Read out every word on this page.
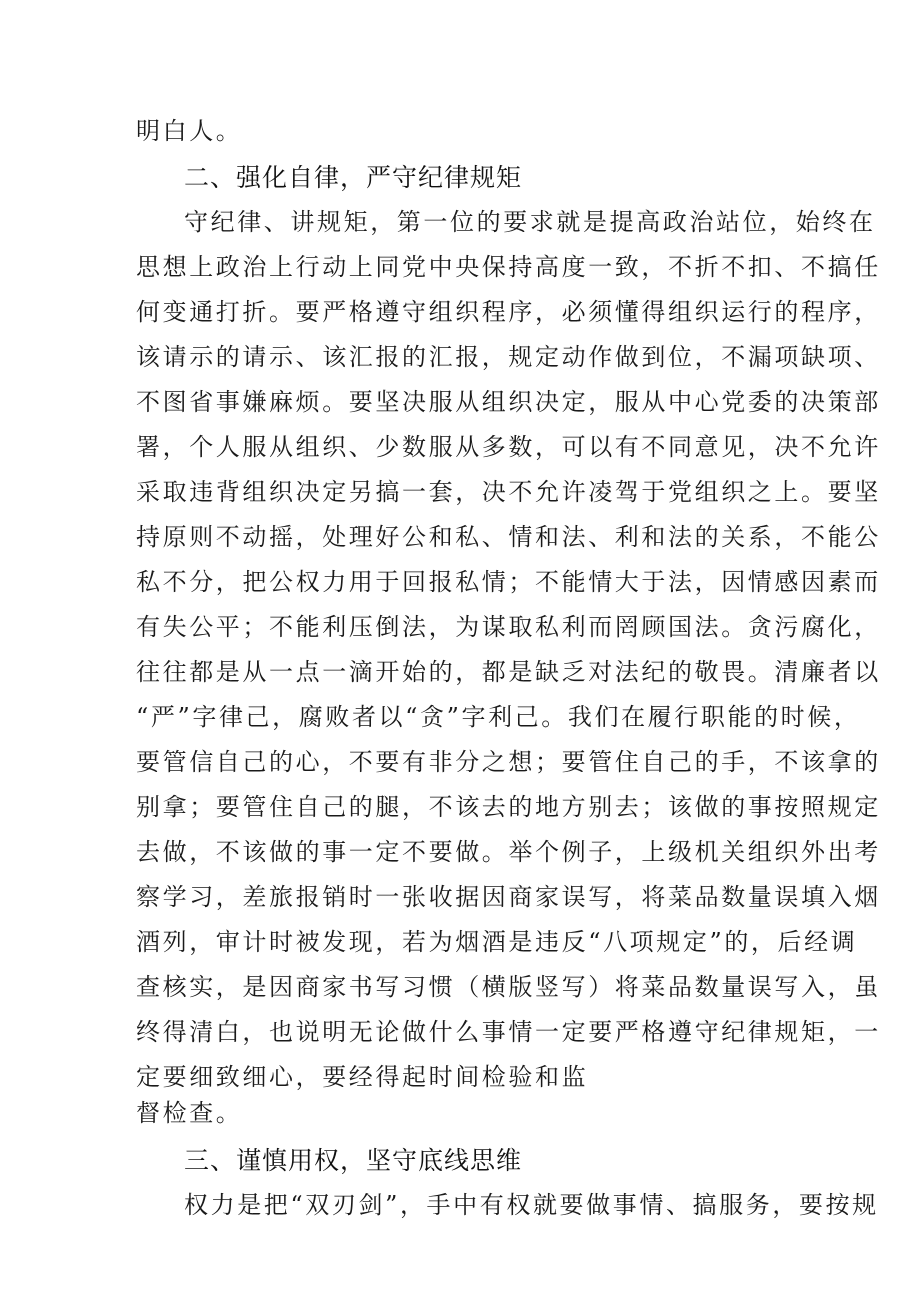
明白人。
二、强化自律，严守纪律规矩
守纪律、讲规矩，第一位的要求就是提高政治站位，始终在
思想上政治上行动上同党中央保持高度一致，不折不扣、不搞任
何变通打折。要严格遵守组织程序，必须懂得组织运行的程序，
该请示的请示、该汇报的汇报，规定动作做到位，不漏项缺项、
不图省事嫌麻烦。要坚决服从组织决定，服从中心党委的决策部
署，个人服从组织、少数服从多数，可以有不同意见，决不允许
采取违背组织决定另搞一套，决不允许凌驾于党组织之上。要坚
持原则不动摇，处理好公和私、情和法、利和法的关系，不能公
私不分，把公权力用于回报私情；不能情大于法，因情感因素而
有失公平；不能利压倒法，为谋取私利而罔顾国法。贪污腐化，
往往都是从一点一滴开始的，都是缺乏对法纪的敬畏。清廉者以
“严”字律己，腐败者以“贪”字利己。我们在履行职能的时候，
要管信自己的心，不要有非分之想；要管住自己的手，不该拿的
别拿；要管住自己的腿，不该去的地方别去；该做的事按照规定
去做，不该做的事一定不要做。举个例子，上级机关组织外出考
察学习，差旅报销时一张收据因商家误写，将菜品数量误填入烟
酒列，审计时被发现，若为烟酒是违反“八项规定”的，后经调
查核实，是因商家书写习惯（横版竖写）将菜品数量误写入，虽
终得清白，也说明无论做什么事情一定要严格遵守纪律规矩，一
定要细致细心，要经得起时间检验和监
督检查。
三、谨慎用权，坚守底线思维
权力是把“双刃剑”，手中有权就要做事情、搞服务，要按规
